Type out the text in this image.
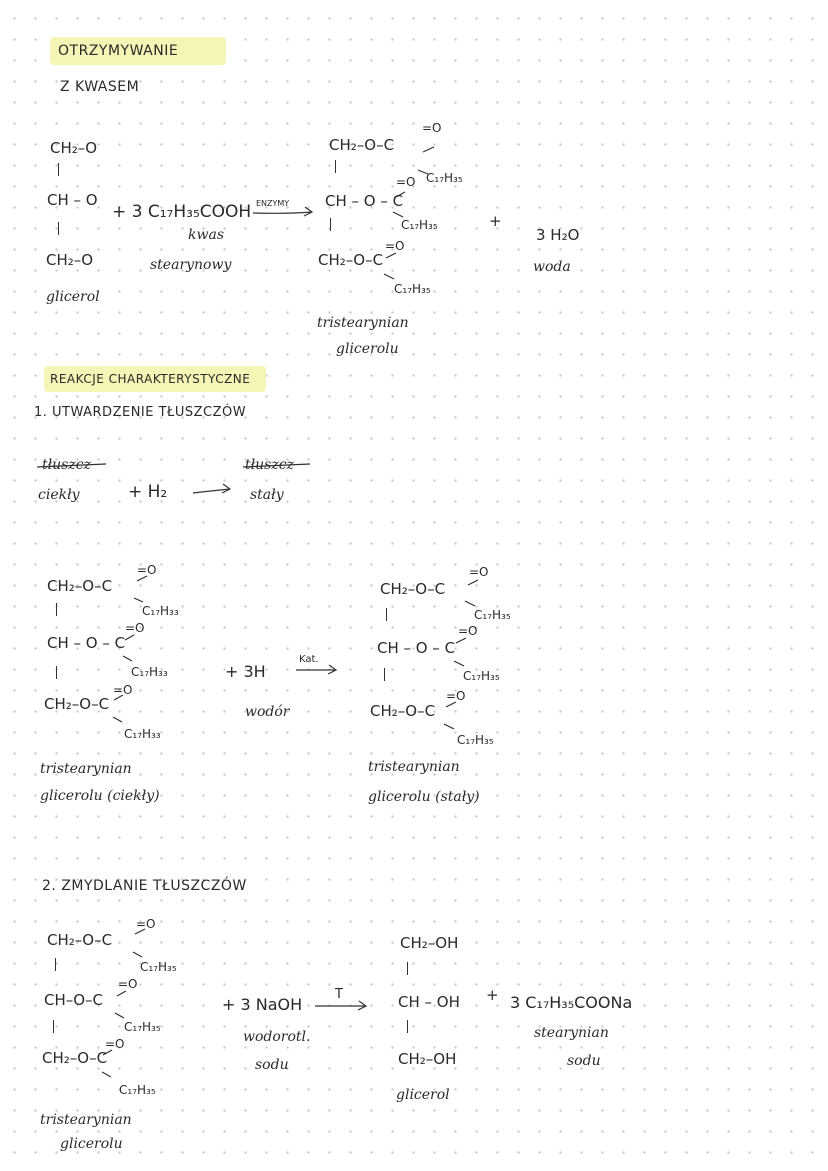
OTRZYMYWANIE
Z KWASEM
CH₂–O
CH – O
CH₂–O
glicerol
+ 3 C₁₇H₃₅COOH ENZYMY
kwas
stearynowy
CH₂–O–C
=O
C₁₇H₃₅
CH – O – C
=O
C₁₇H₃₅
CH₂–O–C
=O
C₁₇H₃₅
tristearynian
glicerolu
+
3 H₂O
woda
REAKCJE CHARAKTERYSTYCZNE
1. UTWARDZENIE TŁUSZCZÓW
tłuszcz
ciekły	+ H₂
tłuszcz
stały
CH₂–O–C
=O
C₁₇H₃₃
CH – O – C
=O
C₁₇H₃₃
CH₂–O–C
=O
C₁₇H₃₃
tristearynian
glicerolu (ciekły)
+ 3H
Kat.
wodór
CH₂–O–C
=O
C₁₇H₃₅
CH – O – C
=O
C₁₇H₃₅
CH₂–O–C
=O
C₁₇H₃₅
tristearynian
glicerolu (stały)
2. ZMYDLANIE TŁUSZCZÓW
CH₂–O–C
=O
C₁₇H₃₅
CH–O–C
=O
C₁₇H₃₅
CH₂–O–C
=O
C₁₇H₃₅
tristearynian
glicerolu
+ 3 NaOH
T
wodorotl.
sodu
CH₂–OH
CH – OH
CH₂–OH
glicerol
+ 3 C₁₇H₃₅COONa
stearynian
sodu
